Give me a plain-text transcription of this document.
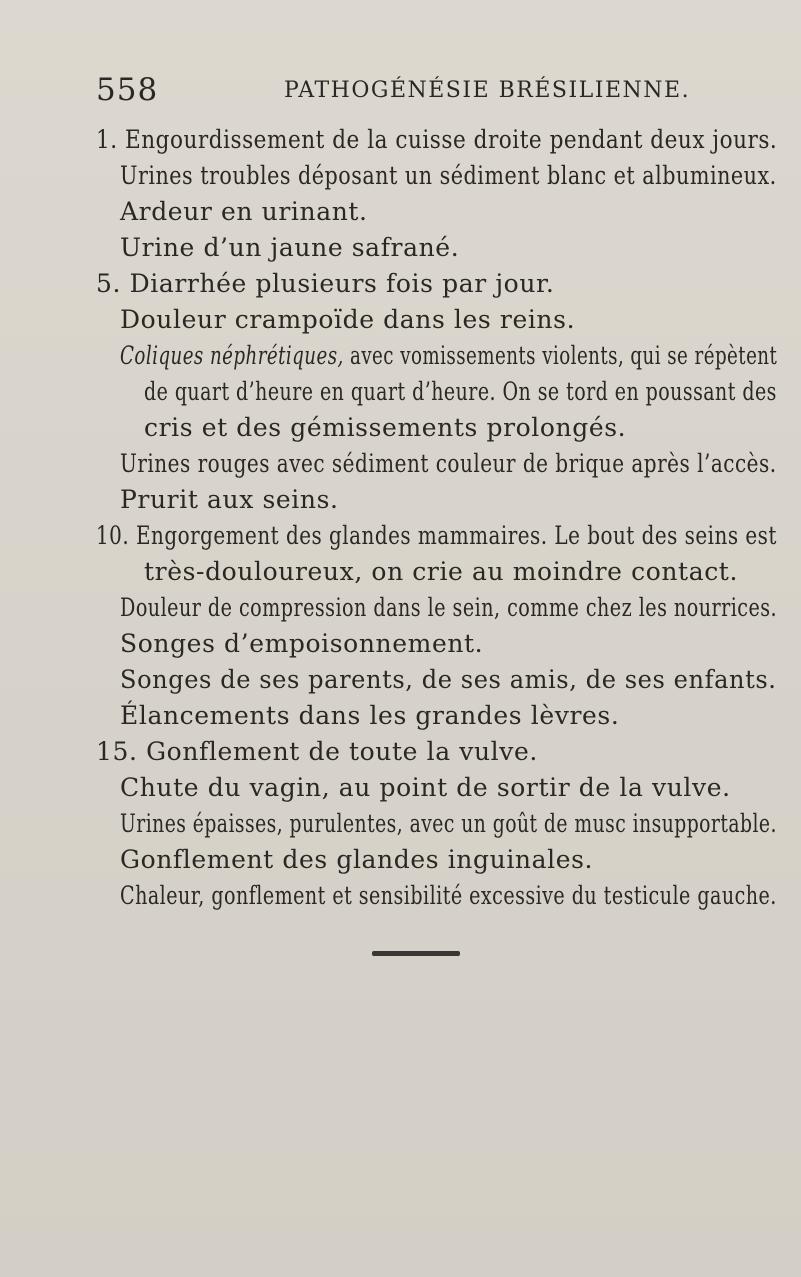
558	PATHOGÉNÉSIE BRÉSILIENNE.
1. Engourdissement de la cuisse droite pendant deux jours.
Urines troubles déposant un sédiment blanc et albumineux.
Ardeur en urinant.
Urine d’un jaune safrané.
5. Diarrhée plusieurs fois par jour.
Douleur crampoïde dans les reins.
Coliques néphrétiques, avec vomissements violents, qui se répètent
de quart d’heure en quart d’heure. On se tord en poussant des
cris et des gémissements prolongés.
Urines rouges avec sédiment couleur de brique après l’accès.
Prurit aux seins.
10. Engorgement des glandes mammaires. Le bout des seins est
très-douloureux, on crie au moindre contact.
Douleur de compression dans le sein, comme chez les nourrices.
Songes d’empoisonnement.
Songes de ses parents, de ses amis, de ses enfants.
Élancements dans les grandes lèvres.
15. Gonflement de toute la vulve.
Chute du vagin, au point de sortir de la vulve.
Urines épaisses, purulentes, avec un goût de musc insupportable.
Gonflement des glandes inguinales.
Chaleur, gonflement et sensibilité excessive du testicule gauche.
